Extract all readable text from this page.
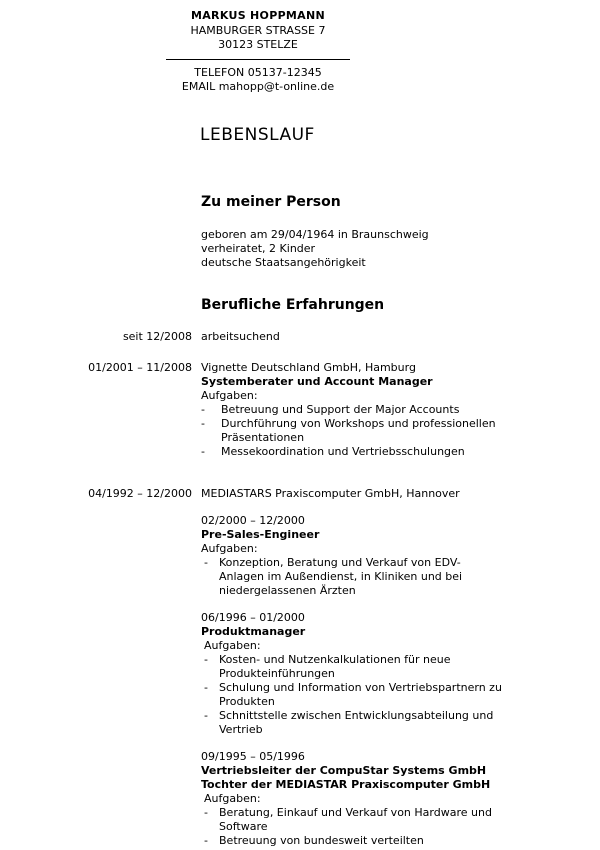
MARKUS HOPPMANN
HAMBURGER STRASSE 7
30123 STELZE
TELEFON 05137-12345
EMAIL mahopp@t-online.de
LEBENSLAUF
Zu meiner Person
geboren am 29/04/1964 in Braunschweig
verheiratet, 2 Kinder
deutsche Staatsangehörigkeit
Berufliche Erfahrungen
seit 12/2008 arbeitsuchend
01/2001 – 11/2008 Vignette Deutschland GmbH, Hamburg
Systemberater und Account Manager
Aufgaben:
- Betreuung und Support der Major Accounts
- Durchführung von Workshops und professionellen Präsentationen
- Messekoordination und Vertriebsschulungen
04/1992 – 12/2000 MEDIASTARS Praxiscomputer GmbH, Hannover
02/2000 – 12/2000
Pre-Sales-Engineer
Aufgaben:
- Konzeption, Beratung und Verkauf von EDV-Anlagen im Außendienst, in Kliniken und bei niedergelassenen Ärzten
06/1996 – 01/2000
Produktmanager
Aufgaben:
- Kosten- und Nutzenkalkulationen für neue Produkteinführungen
- Schulung und Information von Vertriebspartnern zu Produkten
- Schnittstelle zwischen Entwicklungsabteilung und Vertrieb
09/1995 – 05/1996
Vertriebsleiter der CompuStar Systems GmbH
Tochter der MEDIASTAR Praxiscomputer GmbH
Aufgaben:
- Beratung, Einkauf und Verkauf von Hardware und Software
- Betreuung von bundesweit verteilten
